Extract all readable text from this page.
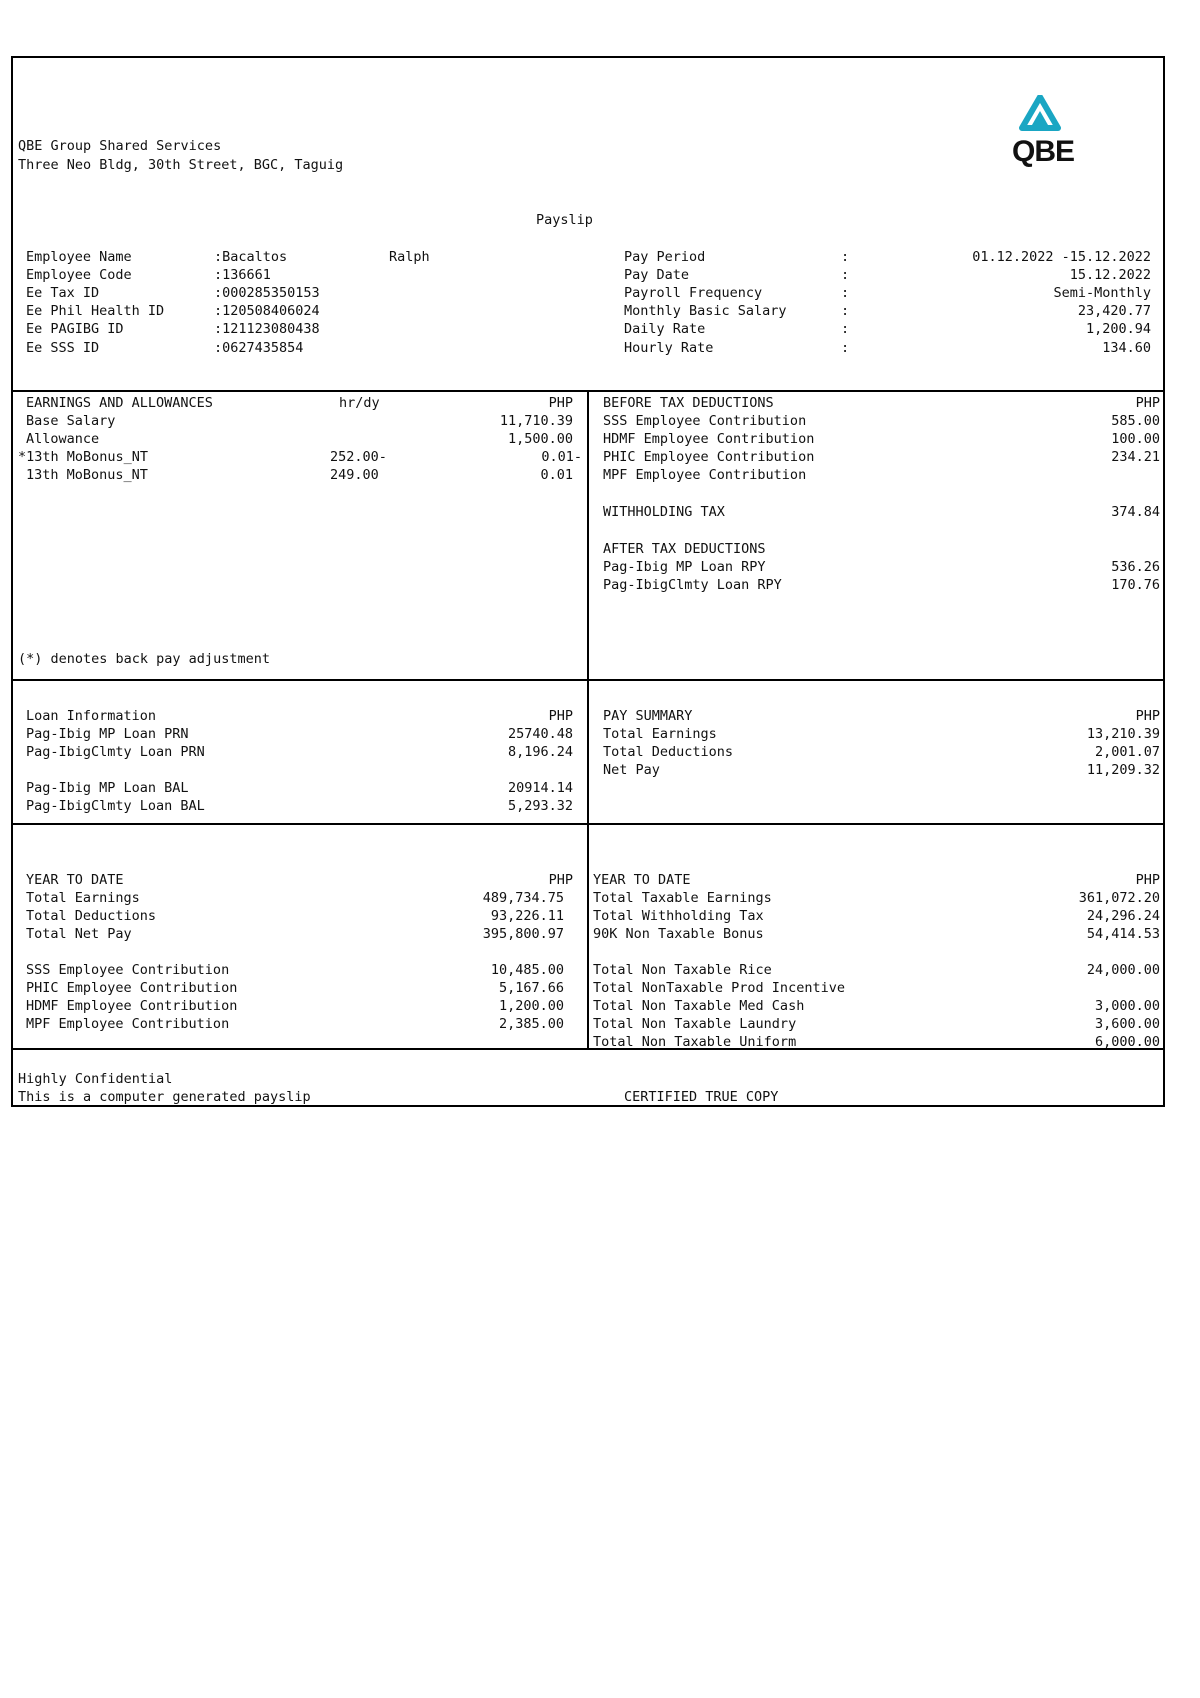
QBE Group Shared Services
Three Neo Bldg, 30th Street, BGC, Taguig	QBE
Payslip
Employee Name	:Bacaltos	Ralph
Employee Code	:136661
Ee Tax ID	:000285350153
Ee Phil Health ID	:120508406024
Ee PAGIBG ID	:121123080438
Ee SSS ID	:0627435854
Pay Period	:	01.12.2022 -15.12.2022
Pay Date	:	15.12.2022
Payroll Frequency	:	Semi-Monthly
Monthly Basic Salary	:	23,420.77
Daily Rate	:	1,200.94
Hourly Rate	:	134.60
EARNINGS AND ALLOWANCES	hr/dy	PHP
Base Salary	11,710.39
Allowance	1,500.00
*13th MoBonus_NT	252.00-	0.01-
13th MoBonus_NT	249.00	0.01
(*) denotes back pay adjustment
BEFORE TAX DEDUCTIONS	PHP
SSS Employee Contribution	585.00
HDMF Employee Contribution	100.00
PHIC Employee Contribution	234.21
MPF Employee Contribution
WITHHOLDING TAX	374.84
AFTER TAX DEDUCTIONS
Pag-Ibig MP Loan RPY	536.26
Pag-IbigClmty Loan RPY	170.76
Loan Information	PHP
Pag-Ibig MP Loan PRN	25740.48
Pag-IbigClmty Loan PRN	8,196.24
Pag-Ibig MP Loan BAL	20914.14
Pag-IbigClmty Loan BAL	5,293.32
PAY SUMMARY	PHP
Total Earnings	13,210.39
Total Deductions	2,001.07
Net Pay	11,209.32
YEAR TO DATE	PHP
Total Earnings	489,734.75
Total Deductions	93,226.11
Total Net Pay	395,800.97
SSS Employee Contribution	10,485.00
PHIC Employee Contribution	5,167.66
HDMF Employee Contribution	1,200.00
MPF Employee Contribution	2,385.00
YEAR TO DATE	PHP
Total Taxable Earnings	361,072.20
Total Withholding Tax	24,296.24
90K Non Taxable Bonus	54,414.53
Total Non Taxable Rice	24,000.00
Total NonTaxable Prod Incentive
Total Non Taxable Med Cash	3,000.00
Total Non Taxable Laundry	3,600.00
Total Non Taxable Uniform	6,000.00
Highly Confidential
This is a computer generated payslip	CERTIFIED TRUE COPY
